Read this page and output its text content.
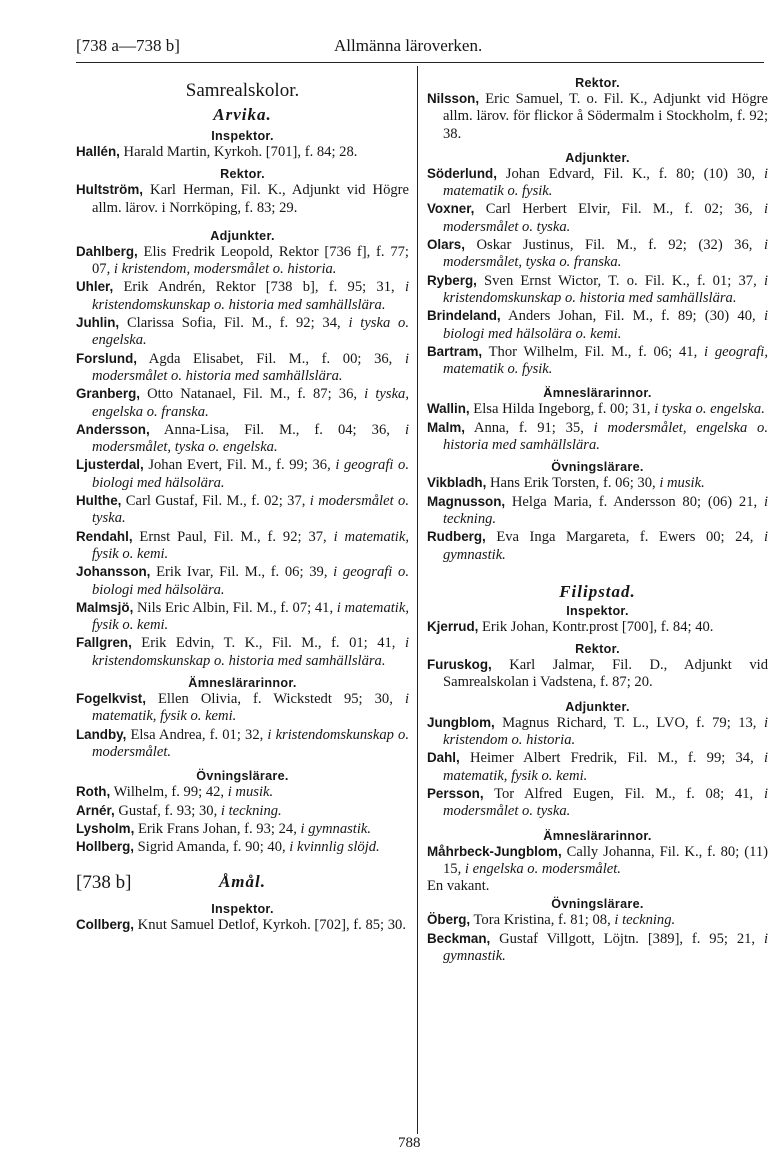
[738 a—738 b]	Allmänna läroverken.

Samrealskolor.

Arvika.

Inspektor.

Hallén, Harald Martin, Kyrkoh. [701], f. 84; 28.

Rektor.

Hultström, Karl Herman, Fil. K., Adjunkt vid Högre allm. lärov. i Norrköping, f. 83; 29.

Adjunkter.

Dahlberg, Elis Fredrik Leopold, Rektor [736 f], f. 77; 07, i kristendom, modersmålet o. historia.

Uhler, Erik Andrén, Rektor [738 b], f. 95; 31, i kristendomskunskap o. historia med samhällslära.

Juhlin, Clarissa Sofia, Fil. M., f. 92; 34, i tyska o. engelska.

Forslund, Agda Elisabet, Fil. M., f. 00; 36, i modersmålet o. historia med samhällslära.

Granberg, Otto Natanael, Fil. M., f. 87; 36, i tyska, engelska o. franska.

Andersson, Anna-Lisa, Fil. M., f. 04; 36, i modersmålet, tyska o. engelska.

Ljusterdal, Johan Evert, Fil. M., f. 99; 36, i geografi o. biologi med hälsolära.

Hulthe, Carl Gustaf, Fil. M., f. 02; 37, i modersmålet o. tyska.

Rendahl, Ernst Paul, Fil. M., f. 92; 37, i matematik, fysik o. kemi.

Johansson, Erik Ivar, Fil. M., f. 06; 39, i geografi o. biologi med hälsolära.

Malmsjö, Nils Eric Albin, Fil. M., f. 07; 41, i matematik, fysik o. kemi.

Fallgren, Erik Edvin, T. K., Fil. M., f. 01; 41, i kristendomskunskap o. historia med samhällslära.

Ämneslärarinnor.

Fogelkvist, Ellen Olivia, f. Wickstedt 95; 30, i matematik, fysik o. kemi.

Landby, Elsa Andrea, f. 01; 32, i kristendomskunskap o. modersmålet.

Övningslärare.

Roth, Wilhelm, f. 99; 42, i musik.

Arnér, Gustaf, f. 93; 30, i teckning.

Lysholm, Erik Frans Johan, f. 93; 24, i gymnastik.

Hollberg, Sigrid Amanda, f. 90; 40, i kvinnlig slöjd.

[738 b]	Åmål.

Inspektor.

Collberg, Knut Samuel Detlof, Kyrkoh. [702], f. 85; 30.

Rektor.

Nilsson, Eric Samuel, T. o. Fil. K., Adjunkt vid Högre allm. lärov. för flickor å Södermalm i Stockholm, f. 92; 38.

Adjunkter.

Söderlund, Johan Edvard, Fil. K., f. 80; (10) 30, i matematik o. fysik.

Voxner, Carl Herbert Elvir, Fil. M., f. 02; 36, i modersmålet o. tyska.

Olars, Oskar Justinus, Fil. M., f. 92; (32) 36, i modersmålet, tyska o. franska.

Ryberg, Sven Ernst Wictor, T. o. Fil. K., f. 01; 37, i kristendomskunskap o. historia med samhällslära.

Brindeland, Anders Johan, Fil. M., f. 89; (30) 40, i biologi med hälsolära o. kemi.

Bartram, Thor Wilhelm, Fil. M., f. 06; 41, i geografi, matematik o. fysik.

Ämneslärarinnor.

Wallin, Elsa Hilda Ingeborg, f. 00; 31, i tyska o. engelska.

Malm, Anna, f. 91; 35, i modersmålet, engelska o. historia med samhällslära.

Övningslärare.

Vikbladh, Hans Erik Torsten, f. 06; 30, i musik.

Magnusson, Helga Maria, f. Andersson 80; (06) 21, i teckning.

Rudberg, Eva Inga Margareta, f. Ewers 00; 24, i gymnastik.

Filipstad.

Inspektor.

Kjerrud, Erik Johan, Kontr.prost [700], f. 84; 40.

Rektor.

Furuskog, Karl Jalmar, Fil. D., Adjunkt vid Samrealskolan i Vadstena, f. 87; 20.

Adjunkter.

Jungblom, Magnus Richard, T. L., LVO, f. 79; 13, i kristendom o. historia.

Dahl, Heimer Albert Fredrik, Fil. M., f. 99; 34, i matematik, fysik o. kemi.

Persson, Tor Alfred Eugen, Fil. M., f. 08; 41, i modersmålet o. tyska.

Ämneslärarinnor.

Måhrbeck-Jungblom, Cally Johanna, Fil. K., f. 80; (11) 15, i engelska o. modersmålet.

En vakant.

Övningslärare.

Öberg, Tora Kristina, f. 81; 08, i teckning.

Beckman, Gustaf Villgott, Löjtn. [389], f. 95; 21, i gymnastik.

788
